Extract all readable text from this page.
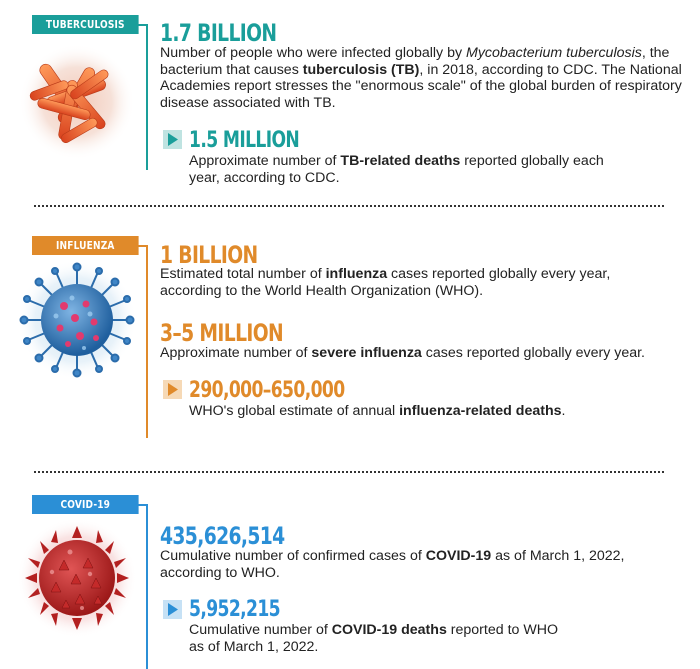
TUBERCULOSIS	1.7 BILLION
Number of people who were infected globally by Mycobacterium tuberculosis, the
bacterium that causes tuberculosis (TB), in 2018, according to CDC. The National
Academies report stresses the "enormous scale" of the global burden of respiratory
disease associated with TB.
1.5 MILLION
Approximate number of TB-related deaths reported globally each
year, according to CDC.
INFLUENZA	1 BILLION
Estimated total number of influenza cases reported globally every year,
according to the World Health Organization (WHO).
3–5 MILLION
Approximate number of severe influenza cases reported globally every year.
290,000–650,000
WHO's global estimate of annual influenza-related deaths.
COVID-19
435,626,514
Cumulative number of confirmed cases of COVID-19 as of March 1, 2022,
according to WHO.
5,952,215
Cumulative number of COVID-19 deaths reported to WHO
as of March 1, 2022.
